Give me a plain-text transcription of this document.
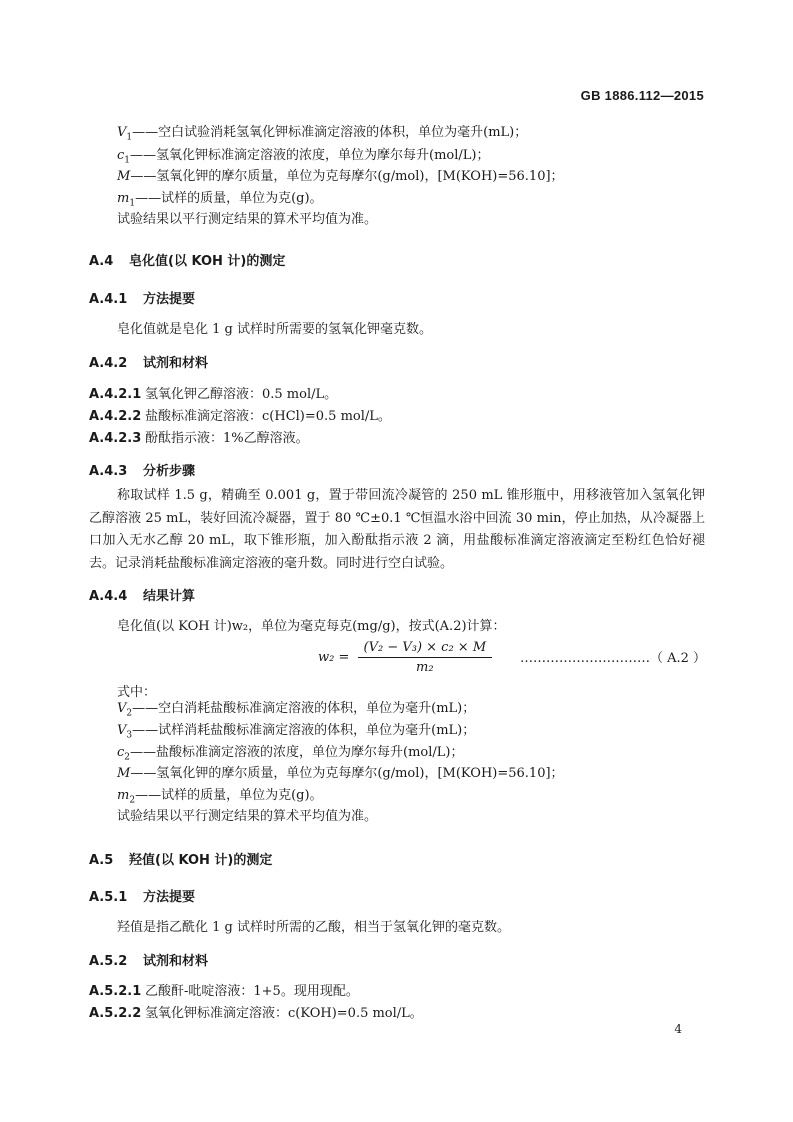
GB 1886.112—2015
$V_1——$空白试验消耗氢氧化钾标准滴定溶液的体积，单位为毫升(mL)；
$c_1——$氢氧化钾标准滴定溶液的浓度，单位为摩尔每升(mol/L)；
M——氢氧化钾的摩尔质量，单位为克每摩尔(g/mol)，[M(KOH)=56.10]；
$m_1——$试样的质量，单位为克(g)。
试验结果以平行测定结果的算术平均值为准。
A.4 皂化值(以 KOH 计)的测定
A.4.1 方法提要
皂化值就是皂化 1 g 试样时所需要的氢氧化钾毫克数。
A.4.2 试剂和材料
A.4.2.1 氢氧化钾乙醇溶液：0.5 mol/L。
A.4.2.2 盐酸标准滴定溶液：c(HCl)=0.5 mol/L。
A.4.2.3 酚酞指示液：1%乙醇溶液。
A.4.3 分析步骤
称取试样 1.5 g，精确至 0.001 g，置于带回流冷凝管的 250 mL 锥形瓶中，用移液管加入氢氧化钾乙醇溶液 25 mL，装好回流冷凝器，置于 80 ℃±0.1 ℃恒温水浴中回流 30 min，停止加热，从冷凝器上口加入无水乙醇 20 mL，取下锥形瓶，加入酚酞指示液 2 滴，用盐酸标准滴定溶液滴定至粉红色恰好褪去。记录消耗盐酸标准滴定溶液的毫升数。同时进行空白试验。
A.4.4 结果计算
皂化值(以 KOH 计)w₂，单位为毫克每克(mg/g)，按式(A.2)计算：
$w_2 = \frac{\text{(V₂ − V₃) × c₂ × M}}{\text{m₂}}$ …………………………（ A.2 ）
式中：
$V_2——$空白消耗盐酸标准滴定溶液的体积，单位为毫升(mL)；
$V_3——$试样消耗盐酸标准滴定溶液的体积，单位为毫升(mL)；
$c_2——$盐酸标准滴定溶液的浓度，单位为摩尔每升(mol/L)；
M——氢氧化钾的摩尔质量，单位为克每摩尔(g/mol)，[M(KOH)=56.10]；
$m_2——$试样的质量，单位为克(g)。
试验结果以平行测定结果的算术平均值为准。
A.5 羟值(以 KOH 计)的测定
A.5.1 方法提要
羟值是指乙酰化 1 g 试样时所需的乙酸，相当于氢氧化钾的毫克数。
A.5.2 试剂和材料
A.5.2.1 乙酸酐-吡啶溶液：1+5。现用现配。
A.5.2.2 氢氧化钾标准滴定溶液：c(KOH)=0.5 mol/L。
4
